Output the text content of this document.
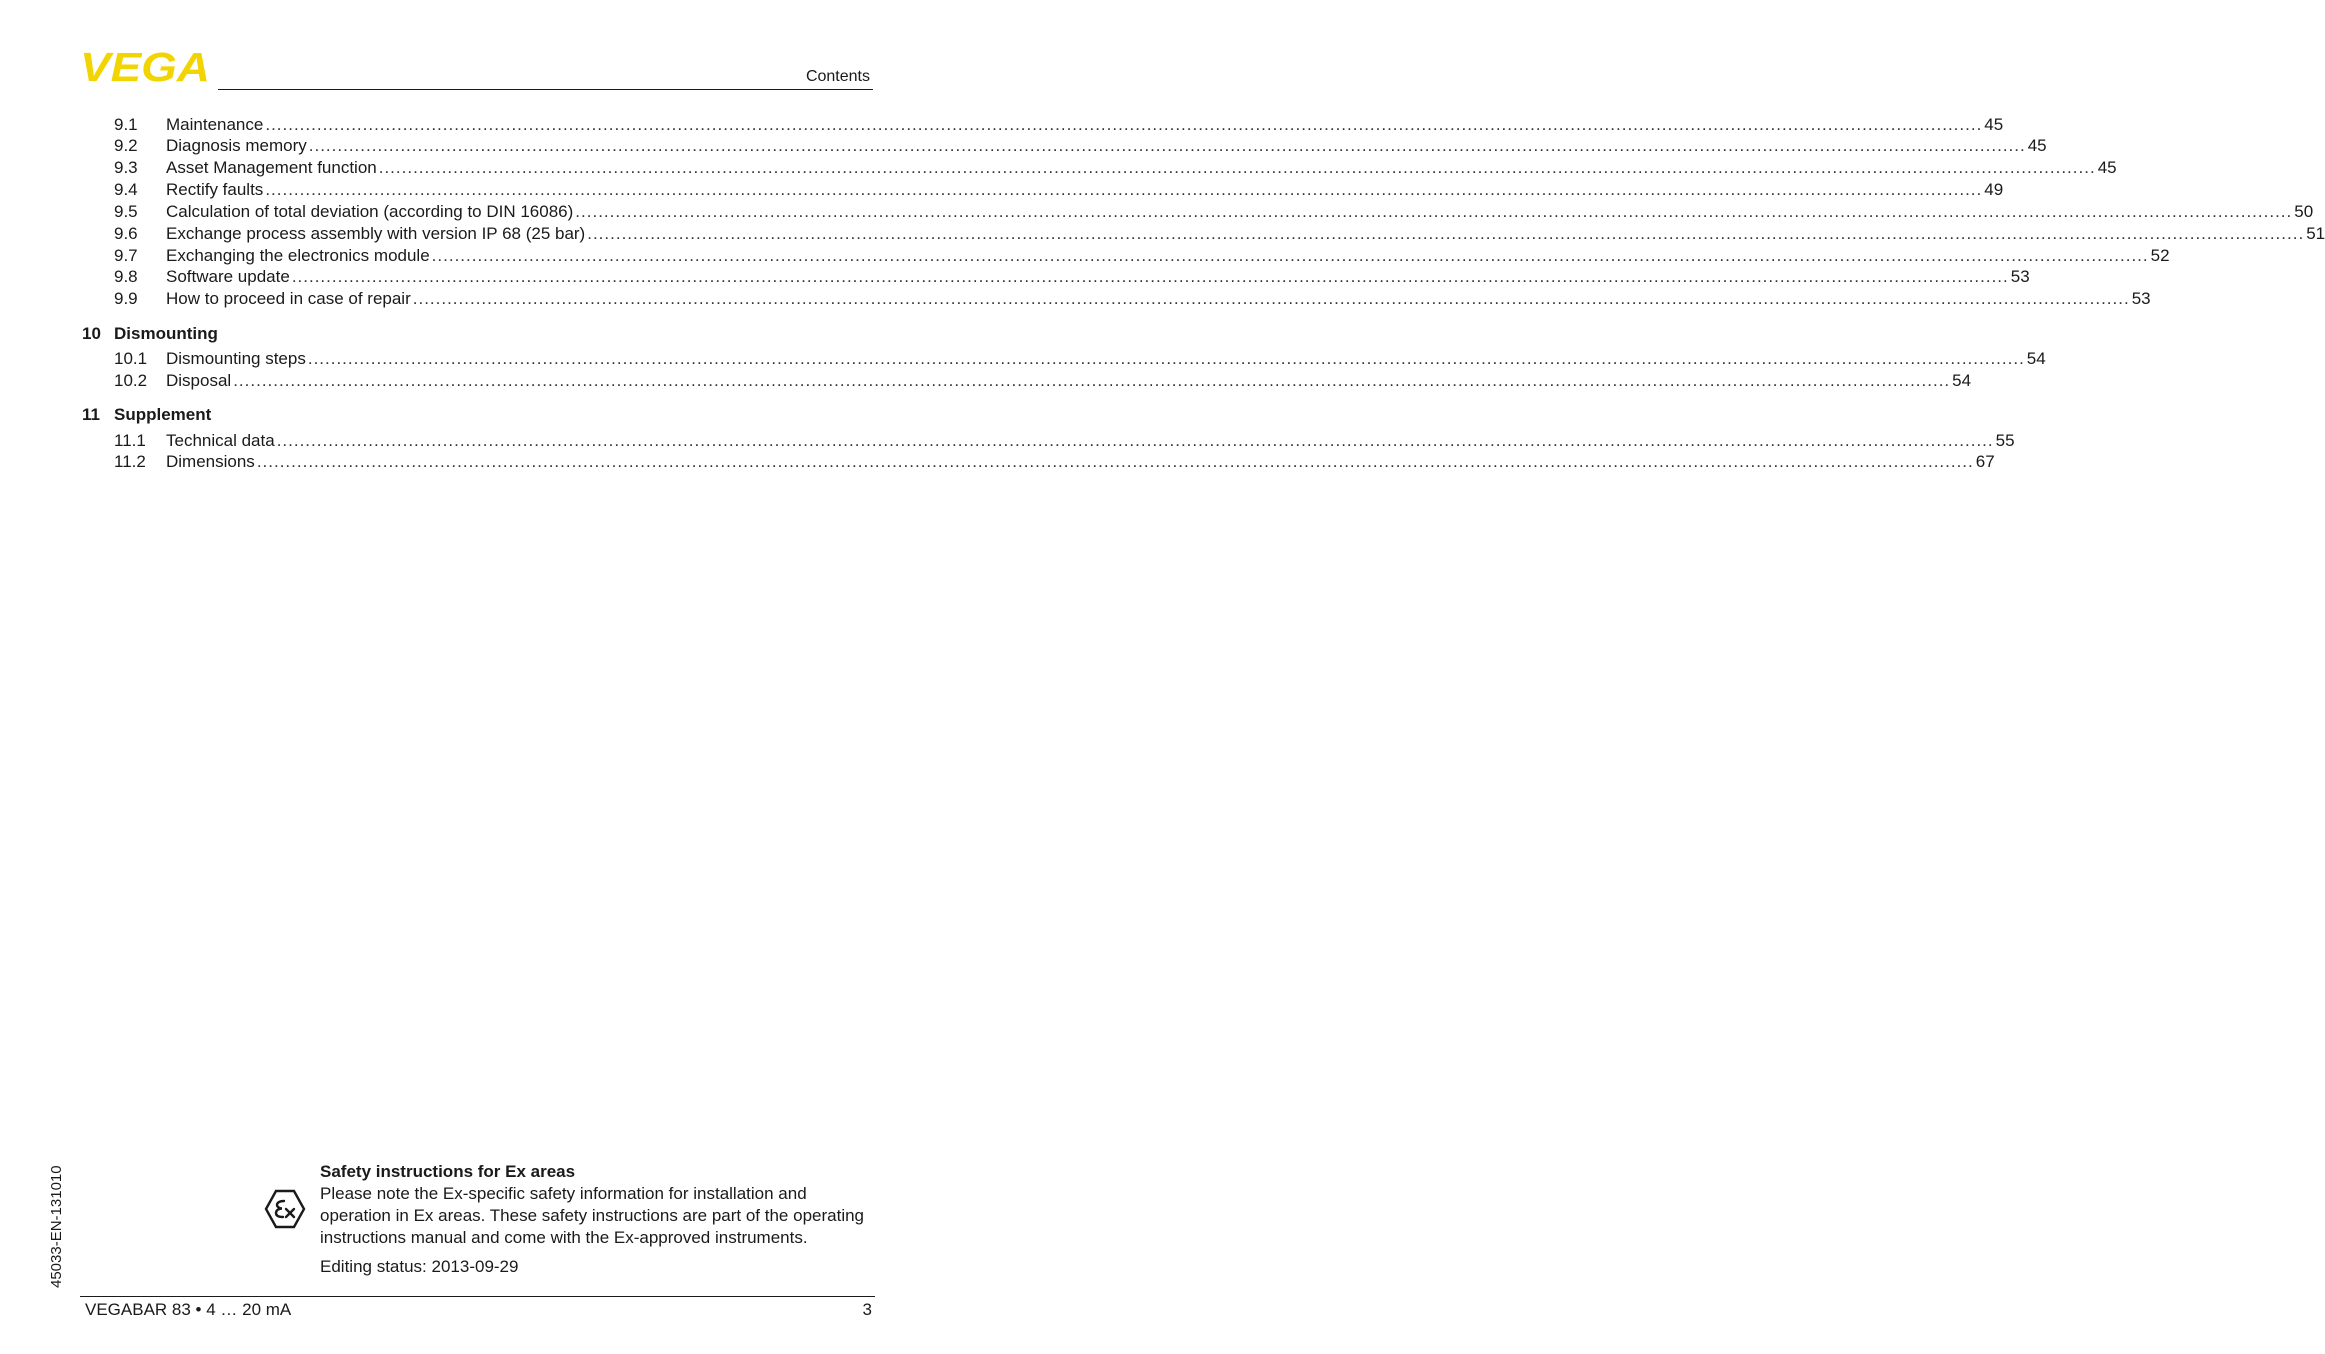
VEGA	Contents
9.1	Maintenance ............................................................................................................................................................................................................................................................................................................ 45
9.2	Diagnosis memory ............................................................................................................................................................................................................................................................................................................ 45
9.3	Asset Management function ............................................................................................................................................................................................................................................................................................................ 45
9.4	Rectify faults ............................................................................................................................................................................................................................................................................................................ 49
9.5	Calculation of total deviation (according to DIN 16086) ............................................................................................................................................................................................................................................................................................................ 50
9.6	Exchange process assembly with version IP 68 (25 bar) ............................................................................................................................................................................................................................................................................................................ 51
9.7	Exchanging the electronics module ............................................................................................................................................................................................................................................................................................................ 52
9.8	Software update ............................................................................................................................................................................................................................................................................................................ 53
9.9	How to proceed in case of repair ............................................................................................................................................................................................................................................................................................................ 53
10 Dismounting
10.1	Dismounting steps ............................................................................................................................................................................................................................................................................................................ 54
10.2	Disposal ............................................................................................................................................................................................................................................................................................................ 54
11 Supplement
11.1	Technical data ............................................................................................................................................................................................................................................................................................................ 55
11.2	Dimensions ............................................................................................................................................................................................................................................................................................................ 67
45033-EN-131010	Safety instructions for Ex areas
Please note the Ex-specific safety information for installation and operation in Ex areas. These safety instructions are part of the operating instructions manual and come with the Ex-approved instruments.
Editing status: 2013-09-29
VEGABAR 83 • 4 … 20 mA	3
